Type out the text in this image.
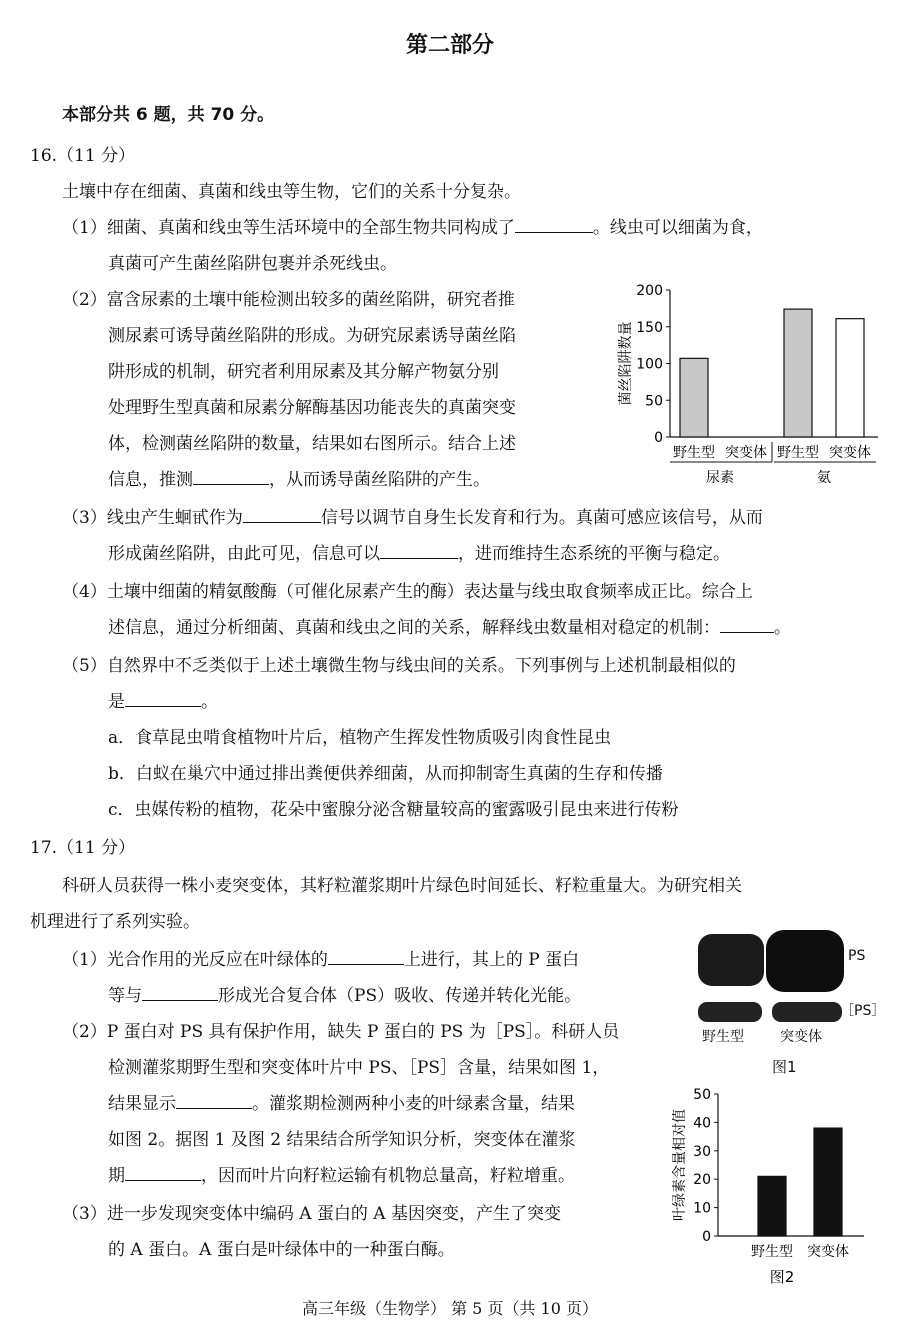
第二部分
本部分共 6 题，共 70 分。
16.（11 分）
土壤中存在细菌、真菌和线虫等生物，它们的关系十分复杂。
（1）细菌、真菌和线虫等生活环境中的全部生物共同构成了	。线虫可以细菌为食，
真菌可产生菌丝陷阱包裹并杀死线虫。
（2）富含尿素的土壤中能检测出较多的菌丝陷阱，研究者推
测尿素可诱导菌丝陷阱的形成。为研究尿素诱导菌丝陷
阱形成的机制，研究者利用尿素及其分解产物氨分别
处理野生型真菌和尿素分解酶基因功能丧失的真菌突变
体，检测菌丝陷阱的数量，结果如右图所示。结合上述
信息，推测	，从而诱导菌丝陷阱的产生。
（3）线虫产生蛔甙作为	信号以调节自身生长发育和行为。真菌可感应该信号，从而
形成菌丝陷阱，由此可见，信息可以	，进而维持生态系统的平衡与稳定。
（4）土壤中细菌的精氨酸酶（可催化尿素产生的酶）表达量与线虫取食频率成正比。综合上
述信息，通过分析细菌、真菌和线虫之间的关系，解释线虫数量相对稳定的机制：	。
（5）自然界中不乏类似于上述土壤微生物与线虫间的关系。下列事例与上述机制最相似的
是	。
a．食草昆虫啃食植物叶片后，植物产生挥发性物质吸引肉食性昆虫
b．白蚁在巢穴中通过排出粪便供养细菌，从而抑制寄生真菌的生存和传播
c．虫媒传粉的植物，花朵中蜜腺分泌含糖量较高的蜜露吸引昆虫来进行传粉
17.（11 分）
科研人员获得一株小麦突变体，其籽粒灌浆期叶片绿色时间延长、籽粒重量大。为研究相关
机理进行了系列实验。
（1）光合作用的光反应在叶绿体的	上进行，其上的 P 蛋白
等与	形成光合复合体（PS）吸收、传递并转化光能。
（2）P 蛋白对 PS 具有保护作用，缺失 P 蛋白的 PS 为［PS］。科研人员
检测灌浆期野生型和突变体叶片中 PS、［PS］含量，结果如图 1，
结果显示	。灌浆期检测两种小麦的叶绿素含量，结果
如图 2。据图 1 及图 2 结果结合所学知识分析，突变体在灌浆
期	，因而叶片向籽粒运输有机物总量高，籽粒增重。
（3）进一步发现突变体中编码 A 蛋白的 A 基因突变，产生了突变
的 A 蛋白。A 蛋白是叶绿体中的一种蛋白酶。
0
50
100
150
200
菌丝陷阱数量
野生型 突变体 野生型 突变体
尿素	氨
PS
［PS］
野生型	突变体
图1
0
10
20
30
40
50
叶绿素含量相对值
野生型 突变体
图2
高三年级（生物学） 第 5 页（共 10 页）
